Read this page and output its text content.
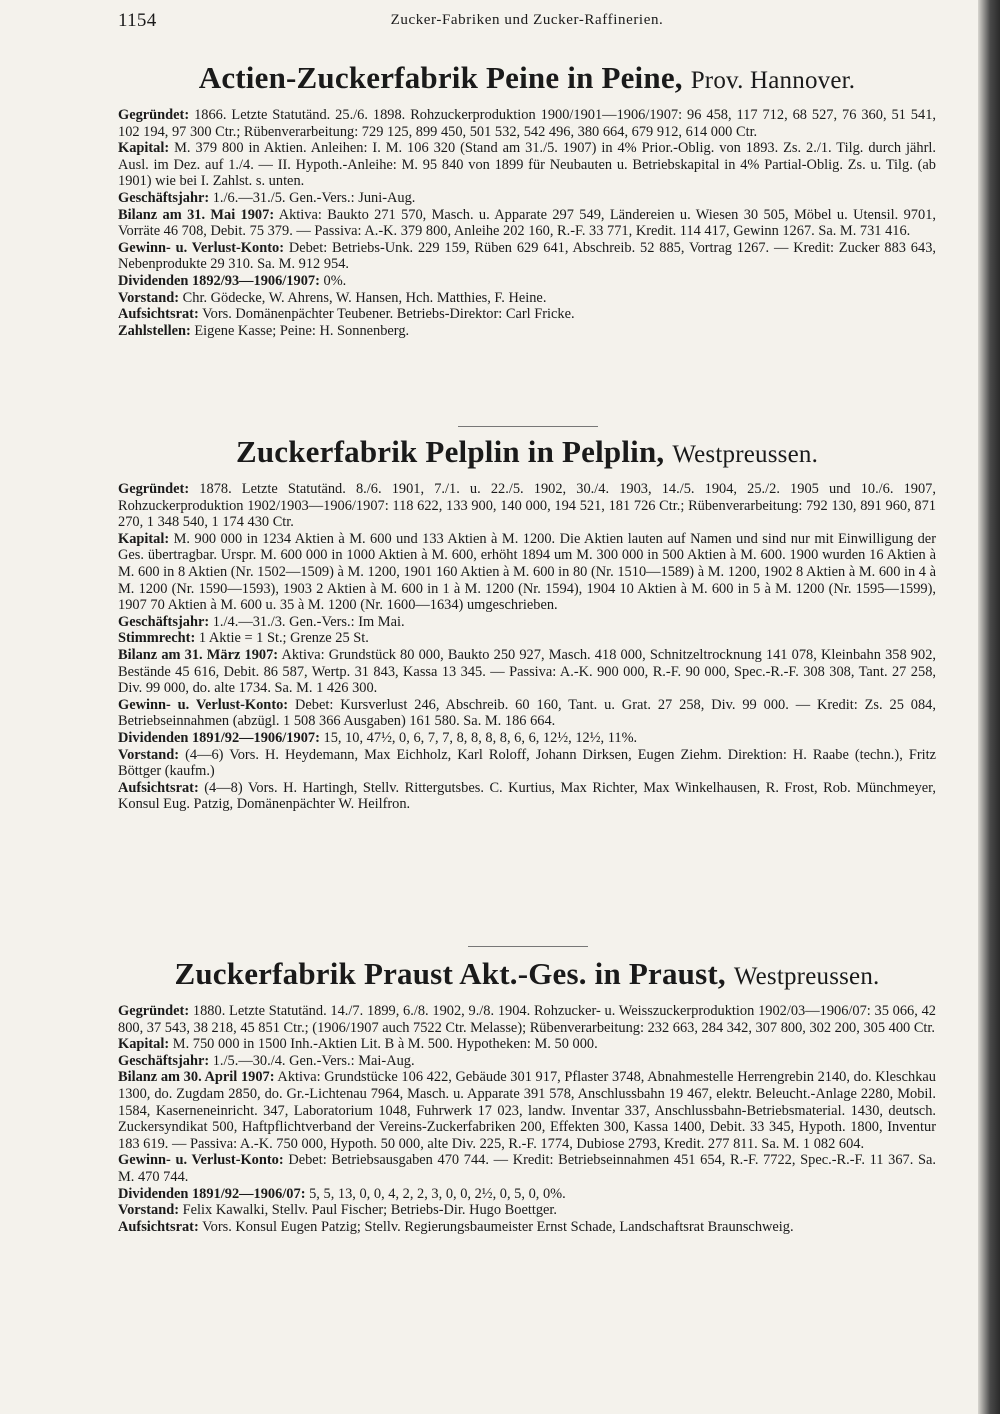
1154	Zucker-Fabriken und Zucker-Raffinerien.
Actien-Zuckerfabrik Peine in Peine, Prov. Hannover.

Gegründet: 1866. Letzte Statutänd. 25./6. 1898. Rohzuckerproduktion 1900/1901—1906/1907: 96 458, 117 712, 68 527, 76 360, 51 541, 102 194, 97 300 Ctr.; Rübenverarbeitung: 729 125, 899 450, 501 532, 542 496, 380 664, 679 912, 614 000 Ctr.

Kapital: M. 379 800 in Aktien. Anleihen: I. M. 106 320 (Stand am 31./5. 1907) in 4% Prior.-Oblig. von 1893. Zs. 2./1. Tilg. durch jährl. Ausl. im Dez. auf 1./4. — II. Hypoth.-Anleihe: M. 95 840 von 1899 für Neubauten u. Betriebskapital in 4% Partial-Oblig. Zs. u. Tilg. (ab 1901) wie bei I. Zahlst. s. unten.

Geschäftsjahr: 1./6.—31./5. Gen.-Vers.: Juni-Aug.

Bilanz am 31. Mai 1907: Aktiva: Baukto 271 570, Masch. u. Apparate 297 549, Ländereien u. Wiesen 30 505, Möbel u. Utensil. 9701, Vorräte 46 708, Debit. 75 379. — Passiva: A.-K. 379 800, Anleihe 202 160, R.-F. 33 771, Kredit. 114 417, Gewinn 1267. Sa. M. 731 416.

Gewinn- u. Verlust-Konto: Debet: Betriebs-Unk. 229 159, Rüben 629 641, Abschreib. 52 885, Vortrag 1267. — Kredit: Zucker 883 643, Nebenprodukte 29 310. Sa. M. 912 954.

Dividenden 1892/93—1906/1907: 0%.

Vorstand: Chr. Gödecke, W. Ahrens, W. Hansen, Hch. Matthies, F. Heine.

Aufsichtsrat: Vors. Domänenpächter Teubener. Betriebs-Direktor: Carl Fricke.

Zahlstellen: Eigene Kasse; Peine: H. Sonnenberg.

Zuckerfabrik Pelplin in Pelplin, Westpreussen.

Gegründet: 1878. Letzte Statutänd. 8./6. 1901, 7./1. u. 22./5. 1902, 30./4. 1903, 14./5. 1904, 25./2. 1905 und 10./6. 1907, Rohzuckerproduktion 1902/1903—1906/1907: 118 622, 133 900, 140 000, 194 521, 181 726 Ctr.; Rübenverarbeitung: 792 130, 891 960, 871 270, 1 348 540, 1 174 430 Ctr.

Kapital: M. 900 000 in 1234 Aktien à M. 600 und 133 Aktien à M. 1200. Die Aktien lauten auf Namen und sind nur mit Einwilligung der Ges. übertragbar. Urspr. M. 600 000 in 1000 Aktien à M. 600, erhöht 1894 um M. 300 000 in 500 Aktien à M. 600. 1900 wurden 16 Aktien à M. 600 in 8 Aktien (Nr. 1502—1509) à M. 1200, 1901 160 Aktien à M. 600 in 80 (Nr. 1510—1589) à M. 1200, 1902 8 Aktien à M. 600 in 4 à M. 1200 (Nr. 1590—1593), 1903 2 Aktien à M. 600 in 1 à M. 1200 (Nr. 1594), 1904 10 Aktien à M. 600 in 5 à M. 1200 (Nr. 1595—1599), 1907 70 Aktien à M. 600 u. 35 à M. 1200 (Nr. 1600—1634) umgeschrieben.

Geschäftsjahr: 1./4.—31./3. Gen.-Vers.: Im Mai.

Stimmrecht: 1 Aktie = 1 St.; Grenze 25 St.

Bilanz am 31. März 1907: Aktiva: Grundstück 80 000, Baukto 250 927, Masch. 418 000, Schnitzeltrocknung 141 078, Kleinbahn 358 902, Bestände 45 616, Debit. 86 587, Wertp. 31 843, Kassa 13 345. — Passiva: A.-K. 900 000, R.-F. 90 000, Spec.-R.-F. 308 308, Tant. 27 258, Div. 99 000, do. alte 1734. Sa. M. 1 426 300.

Gewinn- u. Verlust-Konto: Debet: Kursverlust 246, Abschreib. 60 160, Tant. u. Grat. 27 258, Div. 99 000. — Kredit: Zs. 25 084, Betriebseinnahmen (abzügl. 1 508 366 Ausgaben) 161 580. Sa. M. 186 664.

Dividenden 1891/92—1906/1907: 15, 10, 47½, 0, 6, 7, 7, 8, 8, 8, 8, 6, 6, 12½, 12½, 11%.

Vorstand: (4—6) Vors. H. Heydemann, Max Eichholz, Karl Roloff, Johann Dirksen, Eugen Ziehm. Direktion: H. Raabe (techn.), Fritz Böttger (kaufm.)

Aufsichtsrat: (4—8) Vors. H. Hartingh, Stellv. Rittergutsbes. C. Kurtius, Max Richter, Max Winkelhausen, R. Frost, Rob. Münchmeyer, Konsul Eug. Patzig, Domänenpächter W. Heilfron.

Zuckerfabrik Praust Akt.-Ges. in Praust, Westpreussen.

Gegründet: 1880. Letzte Statutänd. 14./7. 1899, 6./8. 1902, 9./8. 1904. Rohzucker- u. Weisszuckerproduktion 1902/03—1906/07: 35 066, 42 800, 37 543, 38 218, 45 851 Ctr.; (1906/1907 auch 7522 Ctr. Melasse); Rübenverarbeitung: 232 663, 284 342, 307 800, 302 200, 305 400 Ctr.

Kapital: M. 750 000 in 1500 Inh.-Aktien Lit. B à M. 500. Hypotheken: M. 50 000.

Geschäftsjahr: 1./5.—30./4. Gen.-Vers.: Mai-Aug.

Bilanz am 30. April 1907: Aktiva: Grundstücke 106 422, Gebäude 301 917, Pflaster 3748, Abnahmestelle Herrengrebin 2140, do. Kleschkau 1300, do. Zugdam 2850, do. Gr.-Lichtenau 7964, Masch. u. Apparate 391 578, Anschlussbahn 19 467, elektr. Beleucht.-Anlage 2280, Mobil. 1584, Kaserneneinricht. 347, Laboratorium 1048, Fuhrwerk 17 023, landw. Inventar 337, Anschlussbahn-Betriebsmaterial. 1430, deutsch. Zuckersyndikat 500, Haftpflichtverband der Vereins-Zuckerfabriken 200, Effekten 300, Kassa 1400, Debit. 33 345, Hypoth. 1800, Inventur 183 619. — Passiva: A.-K. 750 000, Hypoth. 50 000, alte Div. 225, R.-F. 1774, Dubiose 2793, Kredit. 277 811. Sa. M. 1 082 604.

Gewinn- u. Verlust-Konto: Debet: Betriebsausgaben 470 744. — Kredit: Betriebseinnahmen 451 654, R.-F. 7722, Spec.-R.-F. 11 367. Sa. M. 470 744.

Dividenden 1891/92—1906/07: 5, 5, 13, 0, 0, 4, 2, 2, 3, 0, 0, 2½, 0, 5, 0, 0%.

Vorstand: Felix Kawalki, Stellv. Paul Fischer; Betriebs-Dir. Hugo Boettger.

Aufsichtsrat: Vors. Konsul Eugen Patzig; Stellv. Regierungsbaumeister Ernst Schade, Landschaftsrat Braunschweig.
